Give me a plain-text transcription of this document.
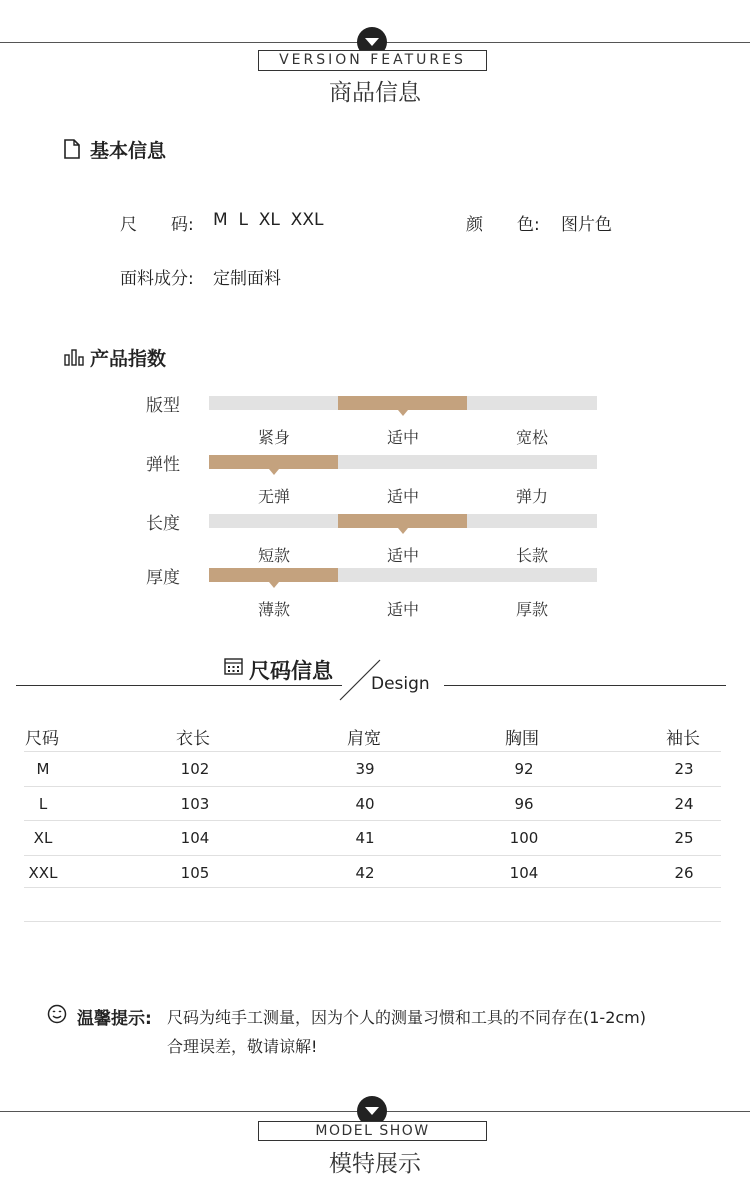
VERSION FEATURES
商品信息
基本信息
尺　　码: M  L  XL  XXL	颜　　色: 图片色
面料成分: 定制面料
产品指数
版型
紧身	适中	宽松
弹性
无弹	适中	弹力
长度
短款	适中	长款
厚度
薄款	适中	厚款
尺码信息
Design
尺码	衣长	肩宽	胸围	袖长
M	102	39	92	23
L	103	40	96	24
XL	104	41	100	25
XXL	105	42	104	26
温馨提示: 尺码为纯手工测量，因为个人的测量习惯和工具的不同存在(1-2cm)
合理误差，敬请谅解!
MODEL SHOW
模特展示
